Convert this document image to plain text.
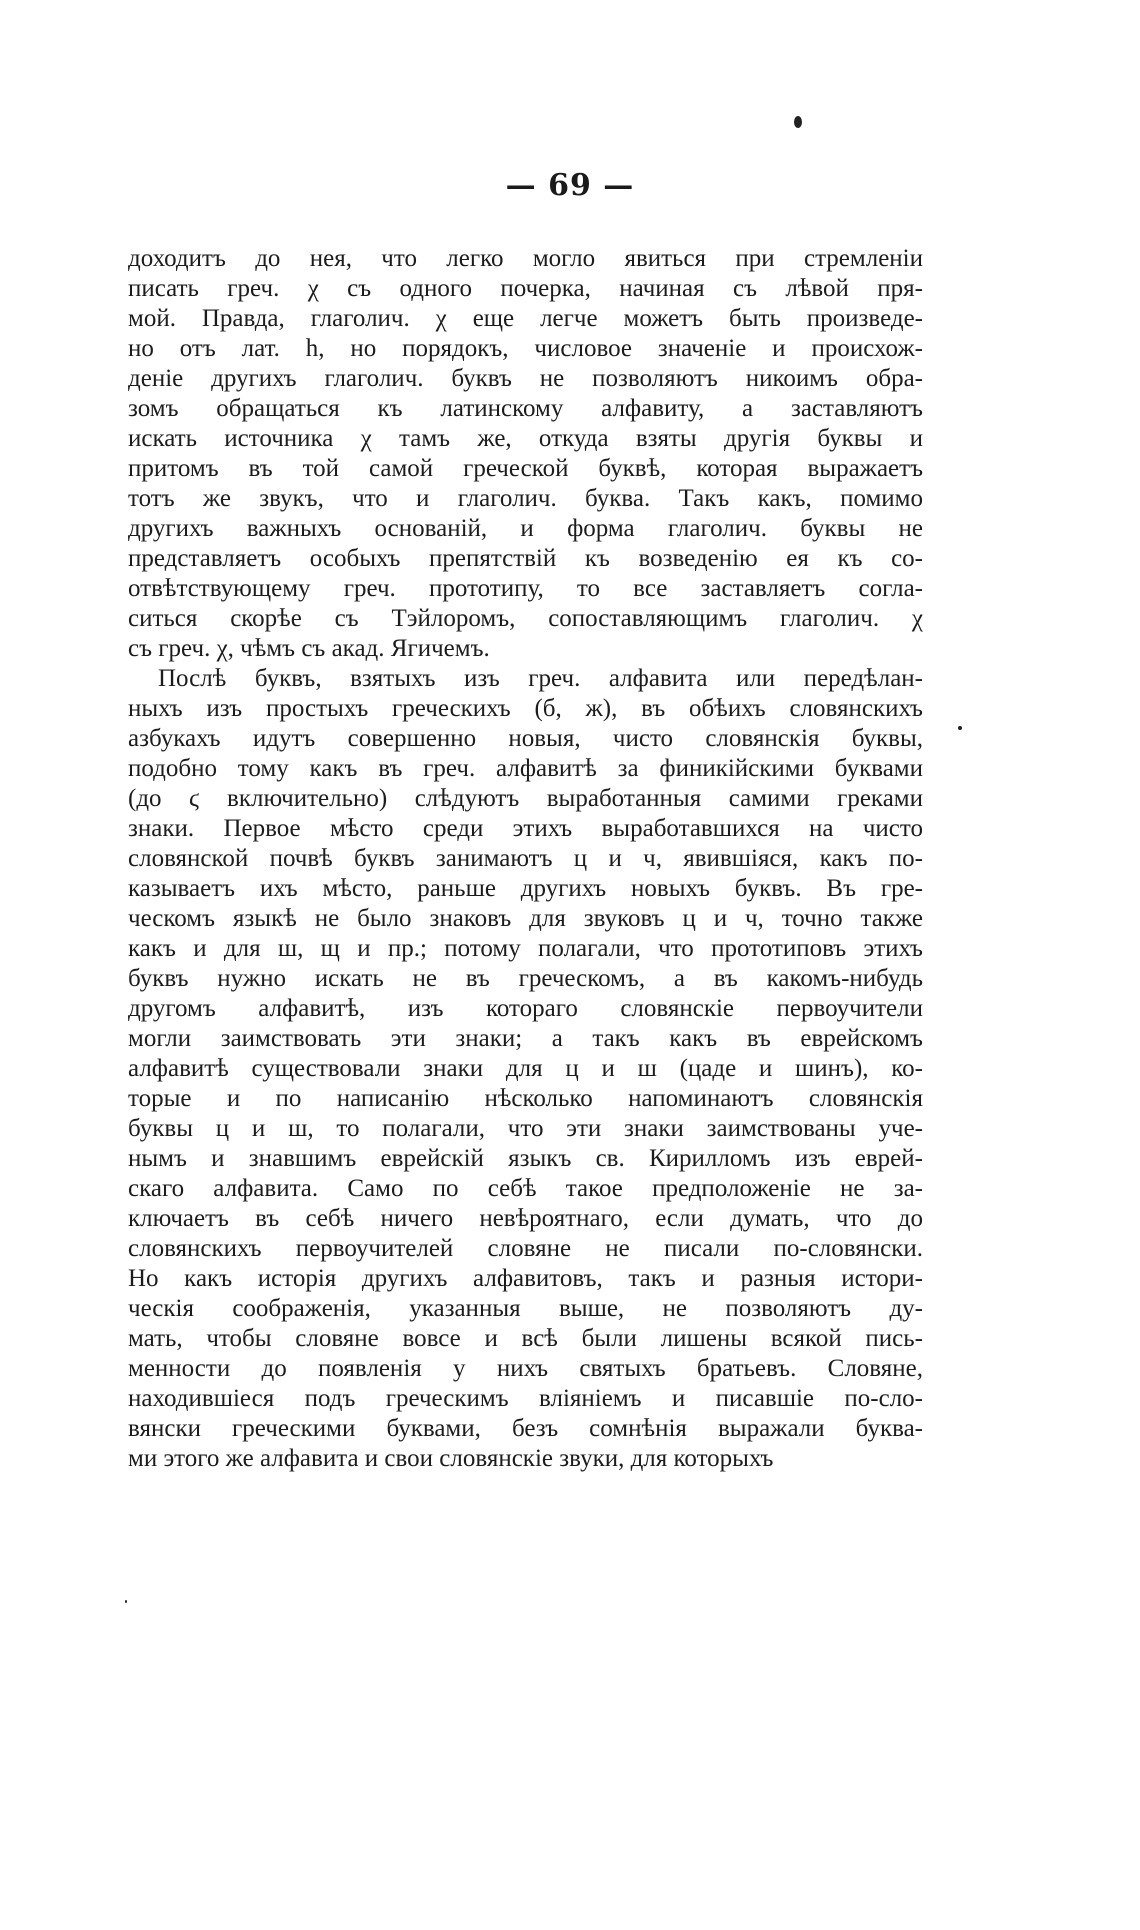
— 69 —
доходитъ до нея, что легко могло явиться при стремленіи
писать греч. χ съ одного почерка, начиная съ лѣвой пря-
мой. Правда, глаголич. χ еще легче можетъ быть произведе-
но отъ лат. h, но порядокъ, числовое значеніе и происхож-
деніе другихъ глаголич. буквъ не позволяютъ никоимъ обра-
зомъ обращаться къ латинскому алфавиту, а заставляютъ
искать источника χ тамъ же, откуда взяты другія буквы и
притомъ въ той самой греческой буквѣ, которая выражаетъ
тотъ же звукъ, что и глаголич. буква. Такъ какъ, помимо
другихъ важныхъ основаній, и форма глаголич. буквы не
представляетъ особыхъ препятствій къ возведенію ея къ со-
отвѣтствующему греч. прототипу, то все заставляетъ согла-
ситься скорѣе съ Тэйлоромъ, сопоставляющимъ глаголич. χ
съ греч. χ, чѣмъ съ акад. Ягичемъ.
Послѣ буквъ, взятыхъ изъ греч. алфавита или передѣлан-
ныхъ изъ простыхъ греческихъ (б, ж), въ обѣихъ словянскихъ
азбукахъ идутъ совершенно новыя, чисто словянскія буквы,
подобно тому какъ въ греч. алфавитѣ за финикійскими буквами
(до ϛ включительно) слѣдуютъ выработанныя самими греками
знаки. Первое мѣсто среди этихъ выработавшихся на чисто
словянской почвѣ буквъ занимаютъ ц и ч, явившіяся, какъ по-
казываетъ ихъ мѣсто, раньше другихъ новыхъ буквъ. Въ гре-
ческомъ языкѣ не было знаковъ для звуковъ ц и ч, точно также
какъ и для ш, щ и пр.; потому полагали, что прототиповъ этихъ
буквъ нужно искать не въ греческомъ, а въ какомъ-нибудь
другомъ алфавитѣ, изъ котораго словянскіе первоучители
могли заимствовать эти знаки; а такъ какъ въ еврейскомъ
алфавитѣ существовали знаки для ц и ш (цаде и шинъ), ко-
торые и по написанію нѣсколько напоминаютъ словянскія
буквы ц и ш, то полагали, что эти знаки заимствованы уче-
нымъ и знавшимъ еврейскій языкъ св. Кирилломъ изъ еврей-
скаго алфавита. Само по себѣ такое предположеніе не за-
ключаетъ въ себѣ ничего невѣроятнаго, если думать, что до
словянскихъ первоучителей словяне не писали по-словянски.
Но какъ исторія другихъ алфавитовъ, такъ и разныя истори-
ческія соображенія, указанныя выше, не позволяютъ ду-
мать, чтобы словяне вовсе и всѣ были лишены всякой пись-
менности до появленія у нихъ святыхъ братьевъ. Словяне,
находившіеся подъ греческимъ вліяніемъ и писавшіе по-сло-
вянски греческими буквами, безъ сомнѣнія выражали буква-
ми этого же алфавита и свои словянскіе звуки, для которыхъ
